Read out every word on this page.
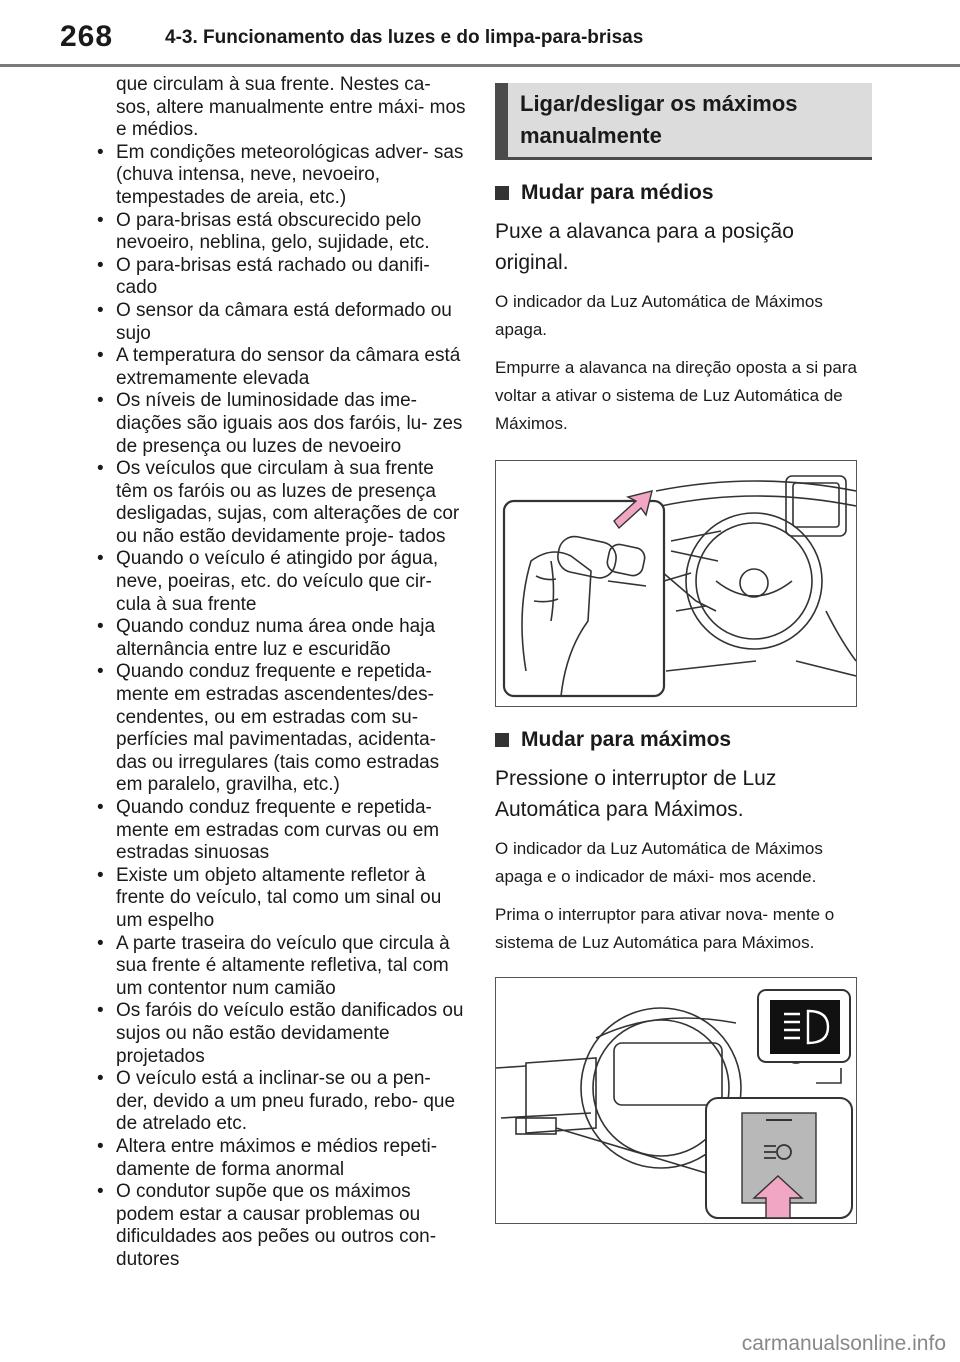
268	4-3. Funcionamento das luzes e do limpa-para-brisas
que circulam à sua frente. Nestes ca- sos, altere manualmente entre máxi- mos e médios.
• Em condições meteorológicas adver- sas (chuva intensa, neve, nevoeiro, tempestades de areia, etc.)
• O para-brisas está obscurecido pelo nevoeiro, neblina, gelo, sujidade, etc.
• O para-brisas está rachado ou danifi- cado
• O sensor da câmara está deformado ou sujo
• A temperatura do sensor da câmara está extremamente elevada
• Os níveis de luminosidade das ime- diações são iguais aos dos faróis, lu- zes de presença ou luzes de nevoeiro
• Os veículos que circulam à sua frente têm os faróis ou as luzes de presença desligadas, sujas, com alterações de cor ou não estão devidamente proje- tados
• Quando o veículo é atingido por água, neve, poeiras, etc. do veículo que cir- cula à sua frente
• Quando conduz numa área onde haja alternância entre luz e escuridão
• Quando conduz frequente e repetida- mente em estradas ascendentes/des- cendentes, ou em estradas com su- perfícies mal pavimentadas, acidenta- das ou irregulares (tais como estradas em paralelo, gravilha, etc.)
• Quando conduz frequente e repetida- mente em estradas com curvas ou em estradas sinuosas
• Existe um objeto altamente refletor à frente do veículo, tal como um sinal ou um espelho
• A parte traseira do veículo que circula à sua frente é altamente refletiva, tal com um contentor num camião
• Os faróis do veículo estão danificados ou sujos ou não estão devidamente projetados
• O veículo está a inclinar-se ou a pen- der, devido a um pneu furado, rebo- que de atrelado etc.
• Altera entre máximos e médios repeti- damente de forma anormal
• O condutor supõe que os máximos podem estar a causar problemas ou dificuldades aos peões ou outros con- dutores
Ligar/desligar os máximos manualmente
Mudar para médios
Puxe a alavanca para a posição original.
O indicador da Luz Automática de Máximos apaga.
Empurre a alavanca na direção oposta a si para voltar a ativar o sistema de Luz Automática de Máximos.
Mudar para máximos
Pressione o interruptor de Luz Automática para Máximos.
O indicador da Luz Automática de Máximos apaga e o indicador de máxi- mos acende.
Prima o interruptor para ativar nova- mente o sistema de Luz Automática para Máximos.
carmanualsonline.info
